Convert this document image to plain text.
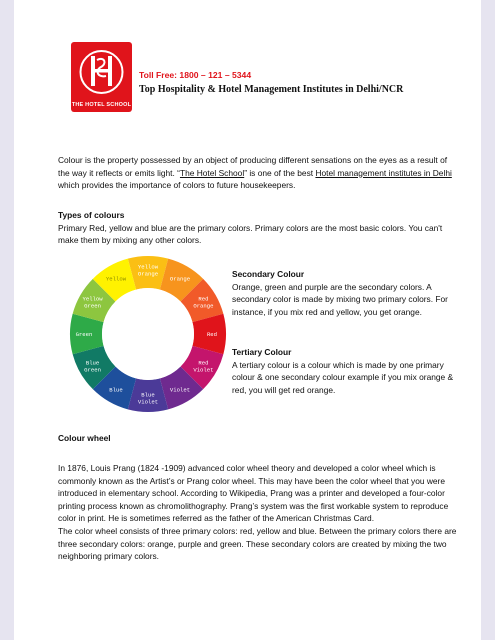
THE HOTEL SCHOOL
Toll Free: 1800 – 121 – 5344
Top Hospitality & Hotel Management Institutes in Delhi/NCR

Colour is the property possessed by an object of producing different sensations on the eyes as a result of the way it reflects or emits light. “The Hotel School” is one of the best Hotel management institutes in Delhi which provides the importance of colors to future housekeepers.

Types of colours
Primary Red, yellow and blue are the primary colors. Primary colors are the most basic colors. You can't make them by mixing any other colors.
Yellow Orange
Orange
Red Orange
Red
Red Violet
Violet
Blue Violet
Blue
Blue Green
Green
Yellow Green
Yellow
Secondary Colour
Orange, green and purple are the secondary colors. A secondary color is made by mixing two primary colors. For instance, if you mix red and yellow, you get orange.
Tertiary Colour
A tertiary colour is a colour which is made by one primary colour & one secondary colour example if you mix orange & red, you will get red orange.
Colour wheel
In 1876, Louis Prang (1824 -1909) advanced color wheel theory and developed a color wheel which is commonly known as the Artist’s or Prang color wheel. This may have been the color wheel that you were introduced in elementary school. According to Wikipedia, Prang was a printer and developed a four-color printing process known as chromolithography. Prang’s system was the first workable system to reproduce color in print. He is sometimes referred as the father of the American Christmas Card.
The color wheel consists of three primary colors: red, yellow and blue. Between the primary colors there are three secondary colors: orange, purple and green. These secondary colors are created by mixing the two neighboring primary colors.
